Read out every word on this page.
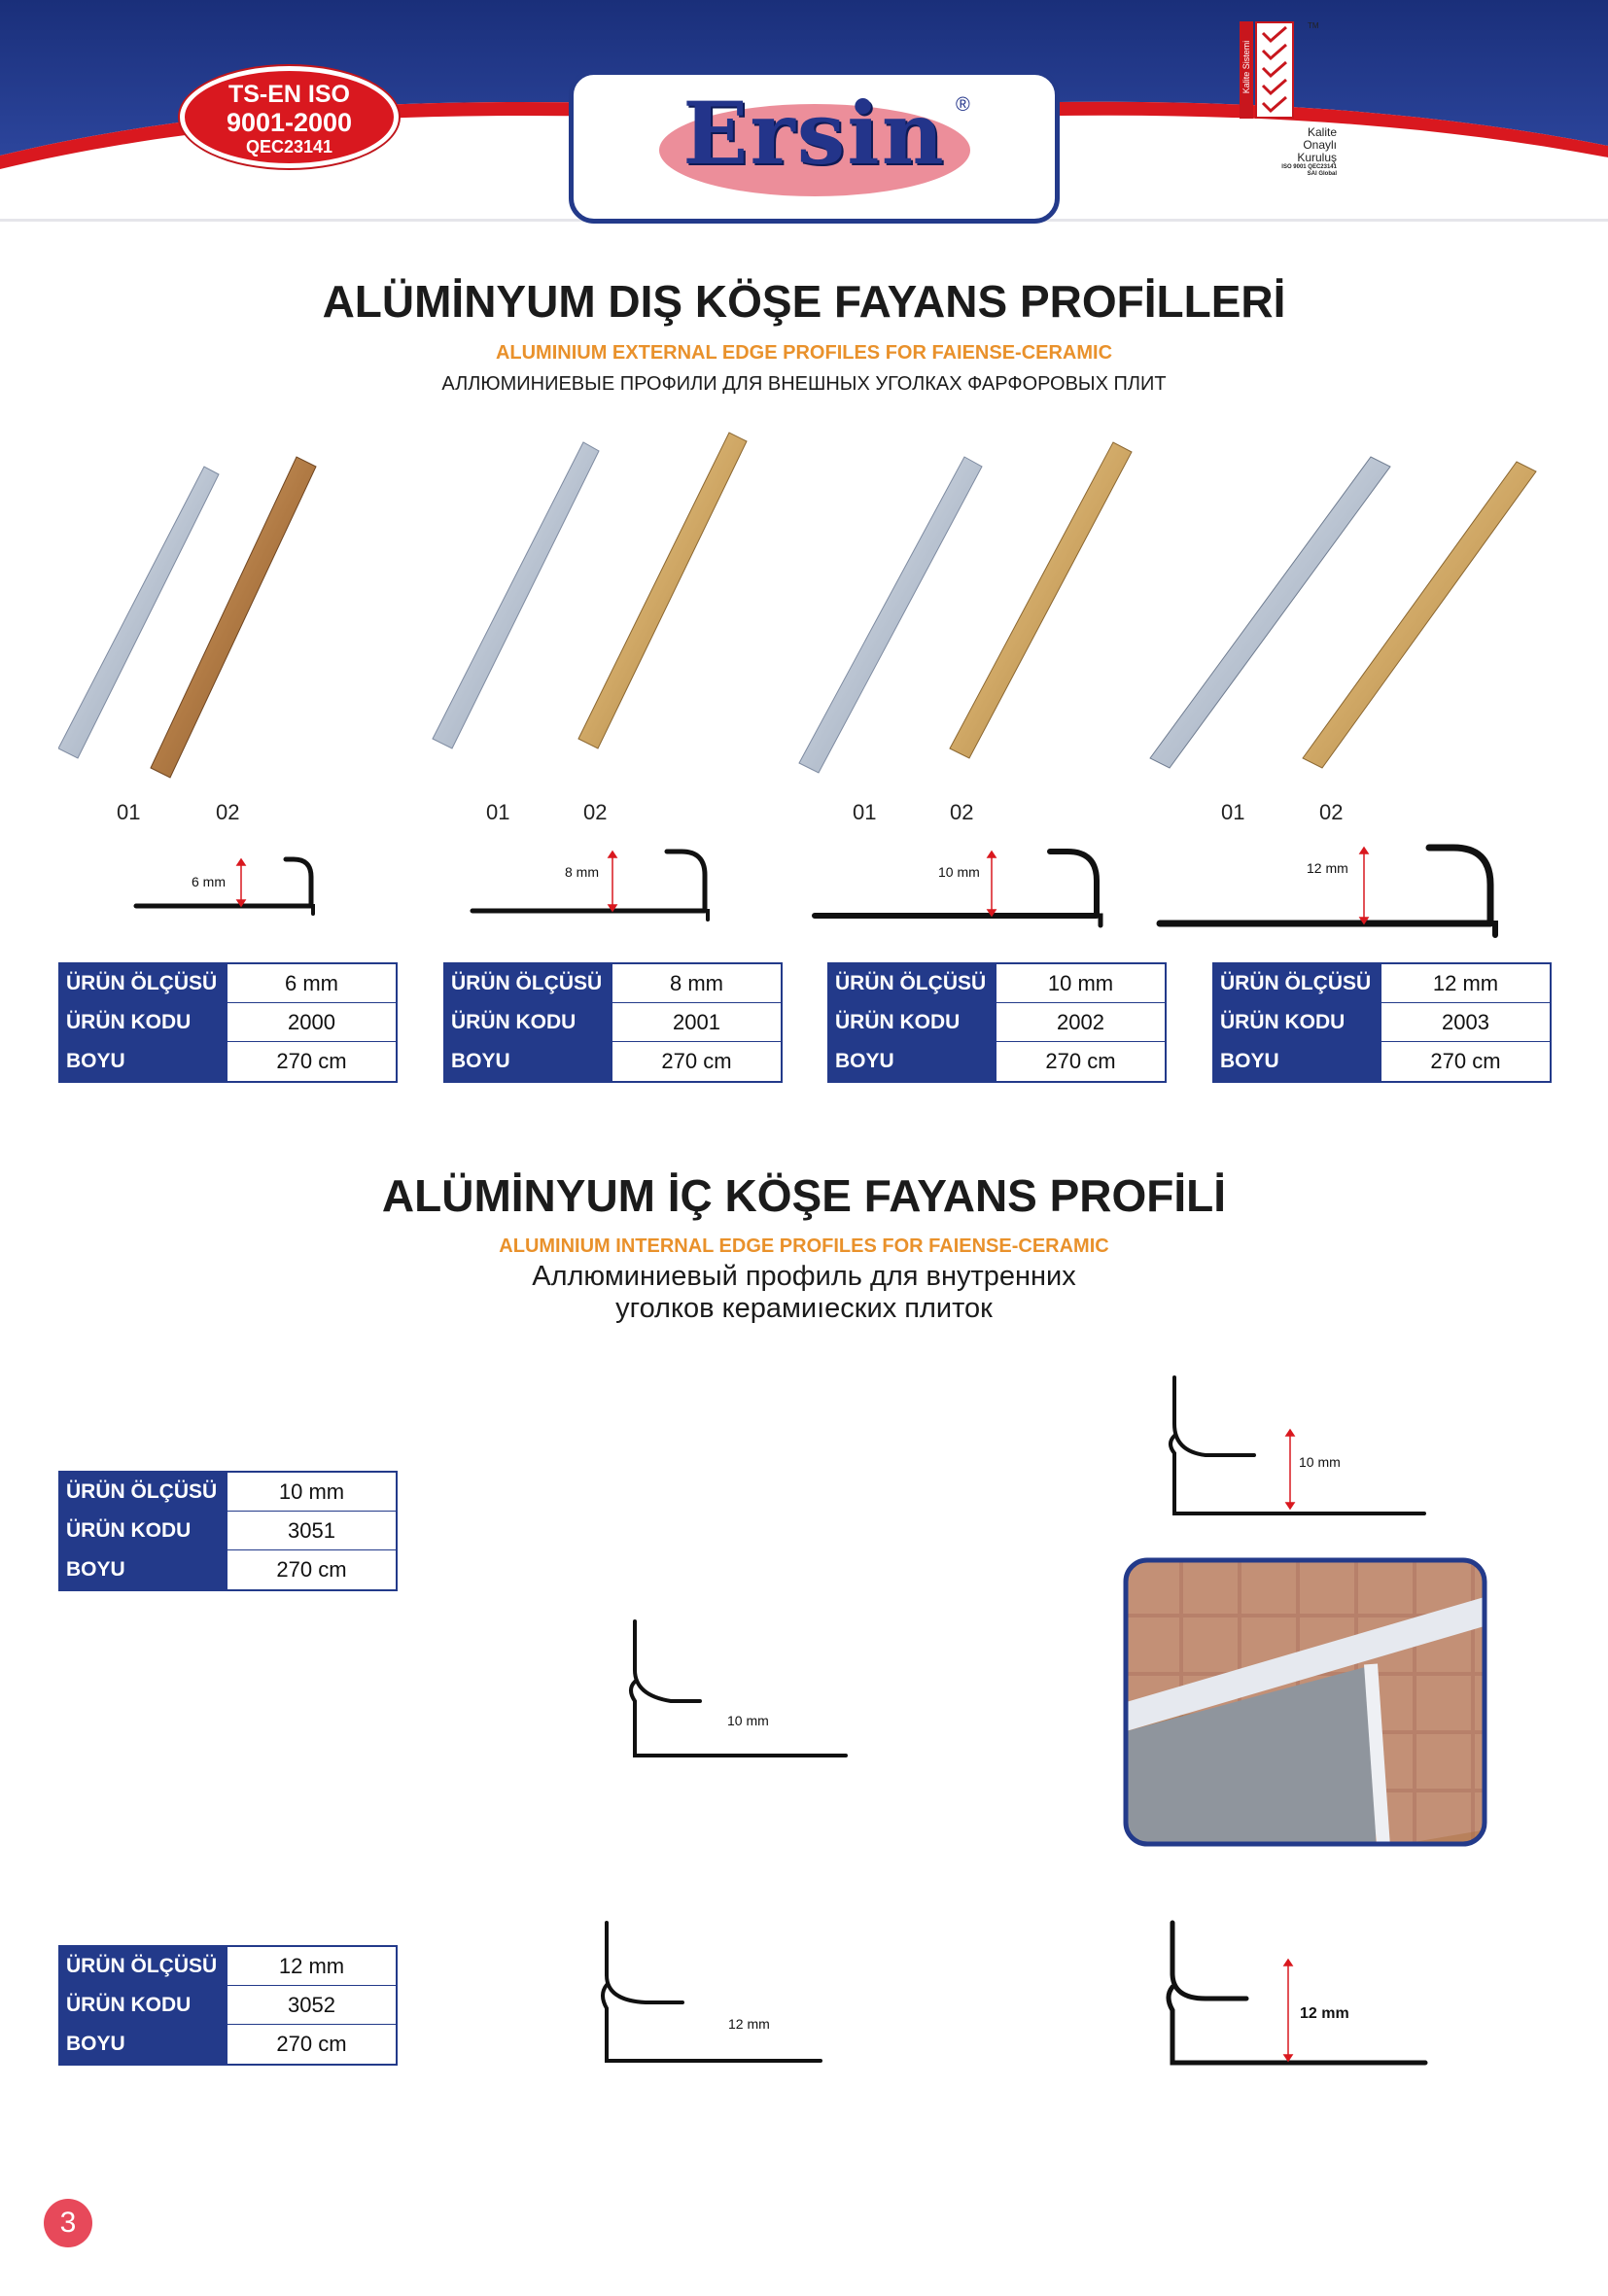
TS-EN ISO
9001-2000
QEC23141	Ersin ®
Kalite Sistemi
TM
Kalite
Onaylı
Kuruluş
ISO 9001 QEC23141
SAI Global
ALÜMİNYUM DIŞ KÖŞE FAYANS PROFİLLERİ
ALUMINIUM EXTERNAL EDGE PROFILES FOR FAIENSE-CERAMIC
АЛЛЮМИНИЕВЫЕ ПРОФИЛИ ДЛЯ ВНЕШНЫХ УГОЛКАХ ФАРФОРОВЫХ ПЛИТ
01	02	01	02	01	02	01	02
6 mm
8 mm	10 mm	12 mm
ÜRÜN ÖLÇÜSÜ	6 mm
ÜRÜN KODU	2000
BOYU	270 cm
ÜRÜN ÖLÇÜSÜ	8 mm
ÜRÜN KODU	2001
BOYU	270 cm
ÜRÜN ÖLÇÜSÜ	10 mm
ÜRÜN KODU	2002
BOYU	270 cm
ÜRÜN ÖLÇÜSÜ	12 mm
ÜRÜN KODU	2003
BOYU	270 cm
ALÜMİNYUM İÇ KÖŞE FAYANS PROFİLİ
ALUMINIUM INTERNAL EDGE PROFILES FOR FAIENSE-CERAMIC
Аллюминиевый профиль для внутренних
уголков керамиıеских плиток
ÜRÜN ÖLÇÜSÜ	10 mm
ÜRÜN KODU	3051
BOYU	270 cm
ÜRÜN ÖLÇÜSÜ	12 mm
ÜRÜN KODU	3052
BOYU	270 cm
10 mm
10 mm
12 mm
12 mm
3
